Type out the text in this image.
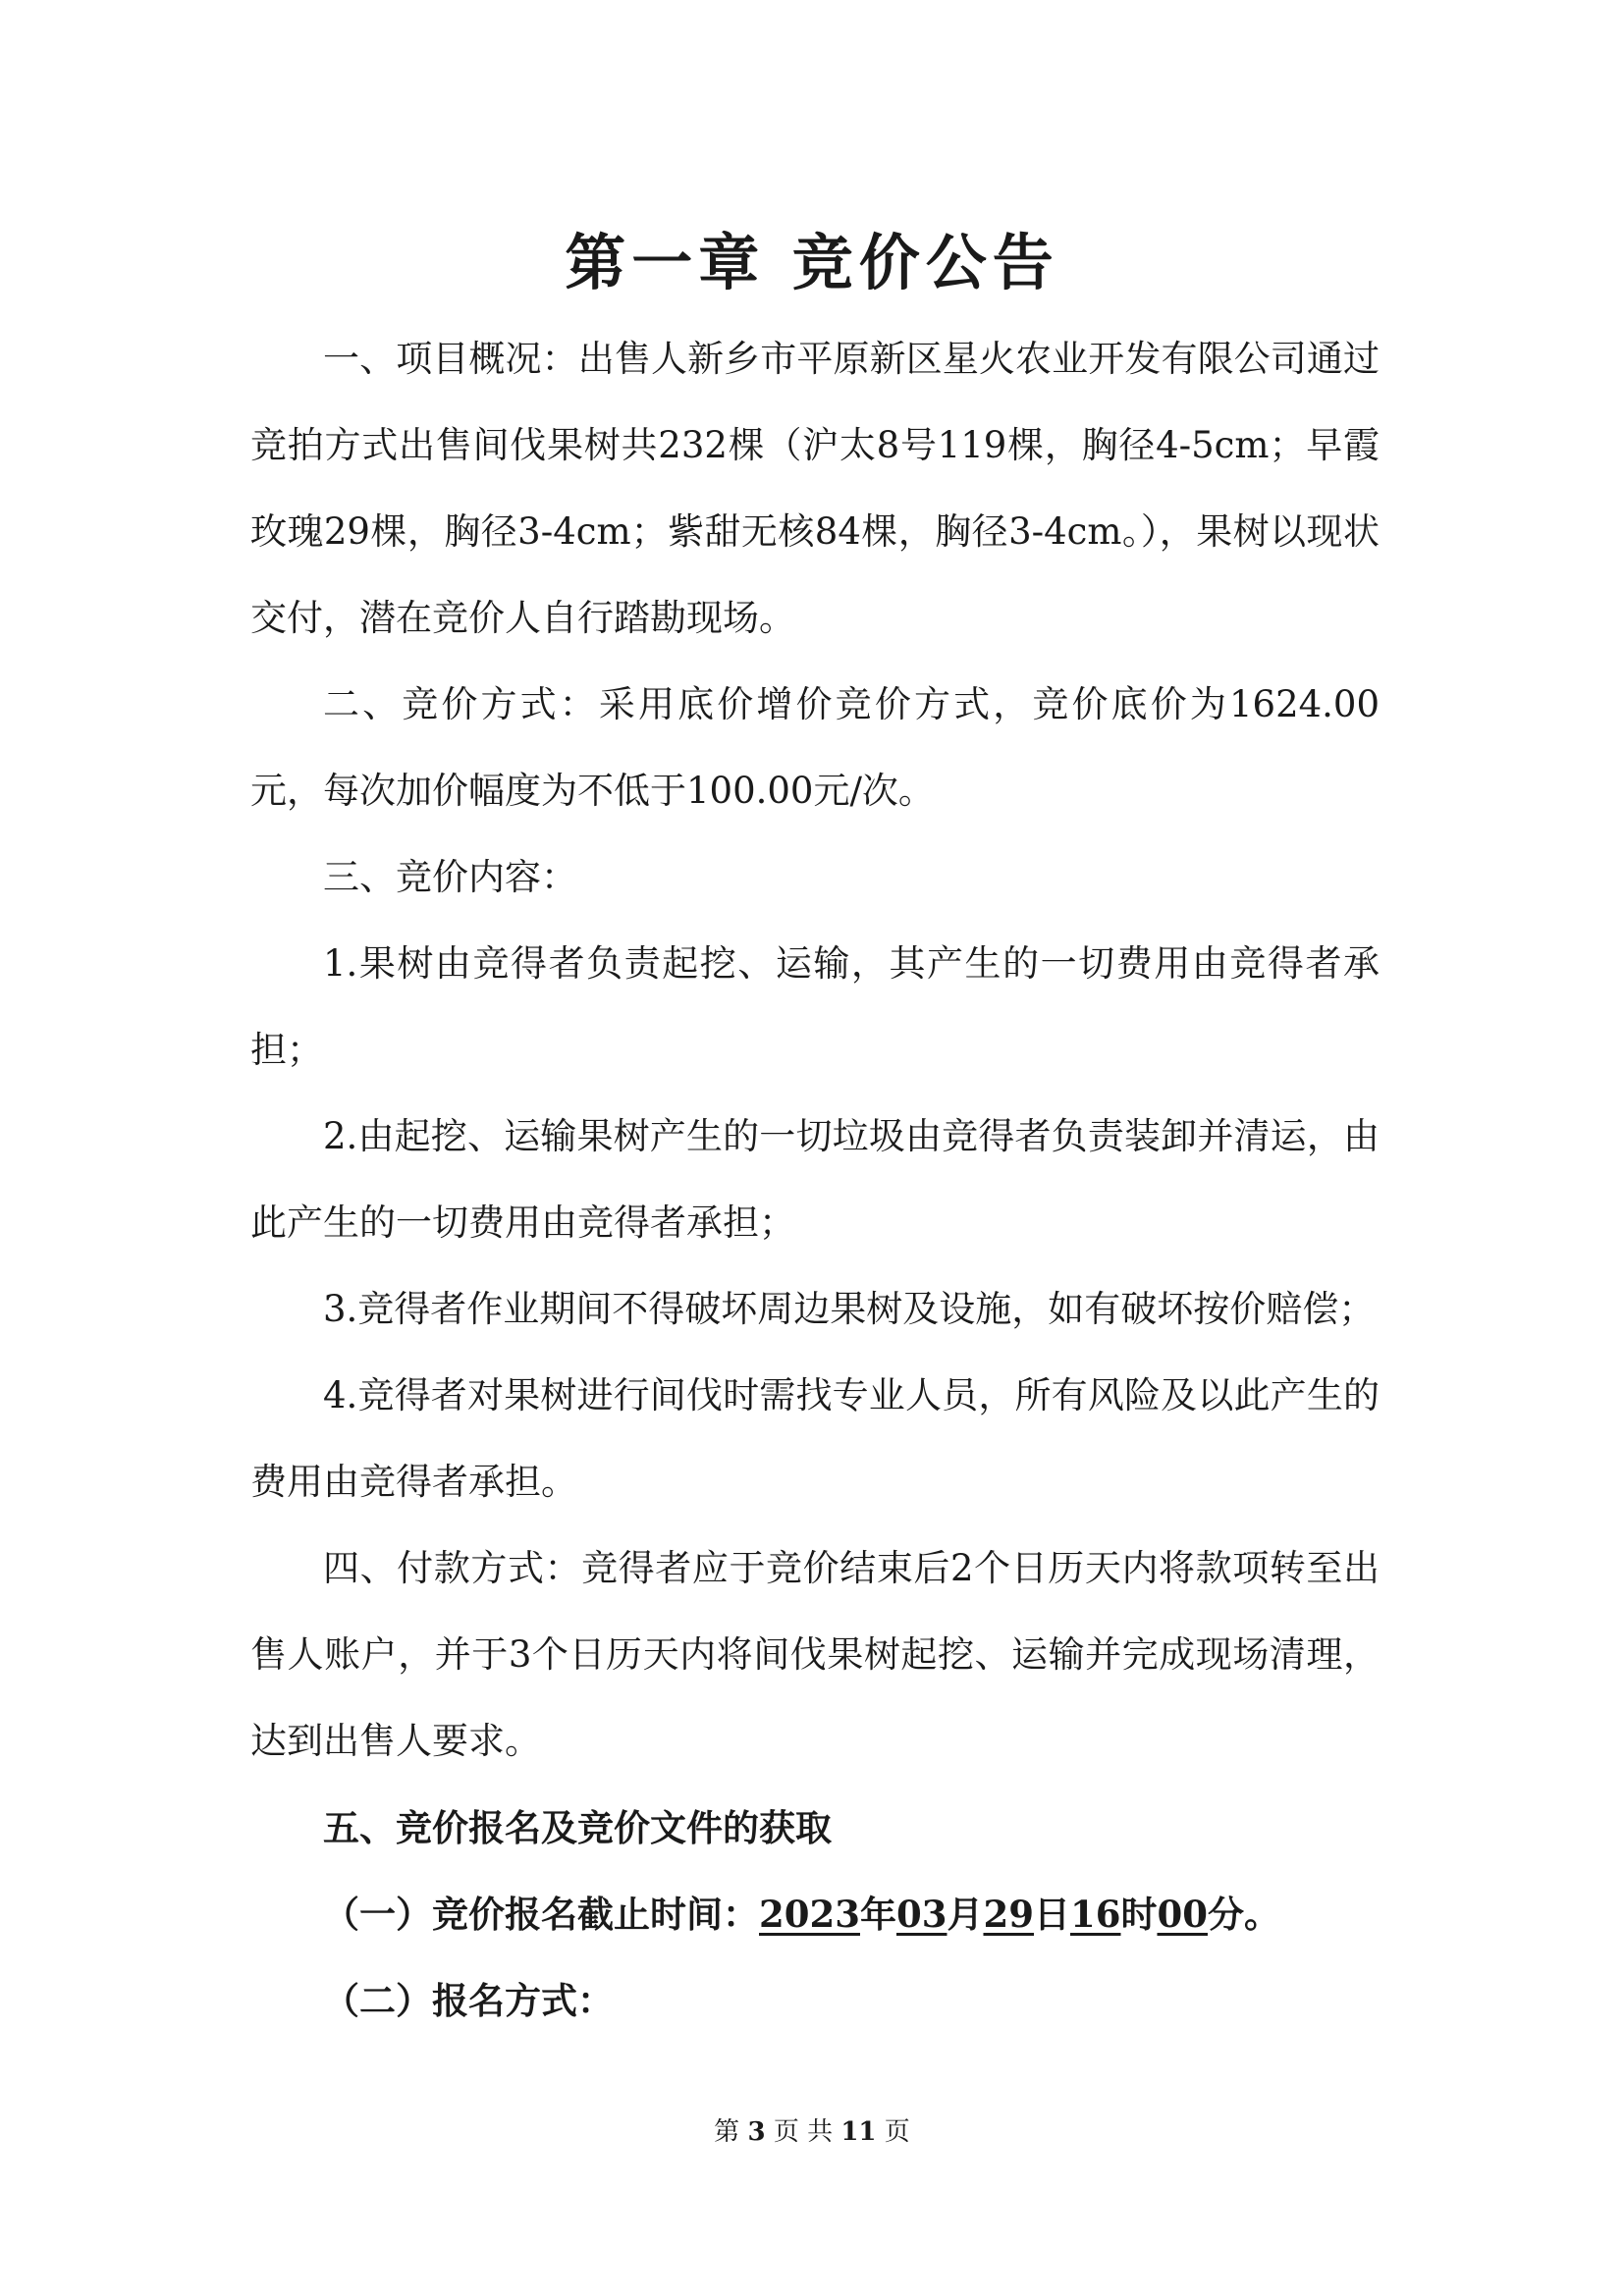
第一章 竞价公告

一、项目概况：出售人新乡市平原新区星火农业开发有限公司通过竞拍方式出售间伐果树共232棵（沪太8号119棵，胸径4-5cm；早霞玫瑰29棵，胸径3-4cm；紫甜无核84棵，胸径3-4cm。），果树以现状交付，潜在竞价人自行踏勘现场。

二、竞价方式：采用底价增价竞价方式，竞价底价为1624.00元，每次加价幅度为不低于100.00元/次。

三、竞价内容：

1.果树由竞得者负责起挖、运输，其产生的一切费用由竞得者承担；

2.由起挖、运输果树产生的一切垃圾由竞得者负责装卸并清运，由此产生的一切费用由竞得者承担；

3.竞得者作业期间不得破坏周边果树及设施，如有破坏按价赔偿；

4.竞得者对果树进行间伐时需找专业人员，所有风险及以此产生的费用由竞得者承担。

四、付款方式：竞得者应于竞价结束后2个日历天内将款项转至出售人账户，并于3个日历天内将间伐果树起挖、运输并完成现场清理，达到出售人要求。

五、竞价报名及竞价文件的获取

（一）竞价报名截止时间：2023年03月29日16时00分。

（二）报名方式：

第 3 页 共 11 页
